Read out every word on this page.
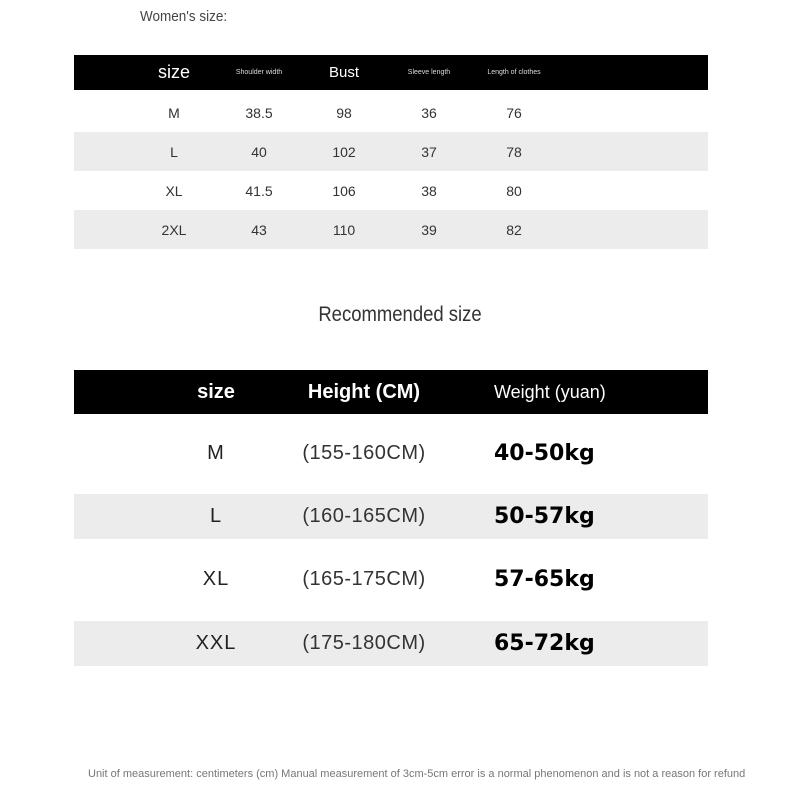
Women's size:
size	Shoulder width	Bust	Sleeve length	Length of clothes
M	38.5	98	36	76
L	40	102	37	78
XL	41.5	106	38	80
2XL	43	110	39	82
Recommended size
size	Height (CM)	Weight (yuan)
M	(155-160CM)	40-50kg
L	(160-165CM)	50-57kg
XL	(165-175CM)	57-65kg
XXL	(175-180CM)	65-72kg
Unit of measurement: centimeters (cm) Manual measurement of 3cm-5cm error is a normal phenomenon and is not a reason for refund
